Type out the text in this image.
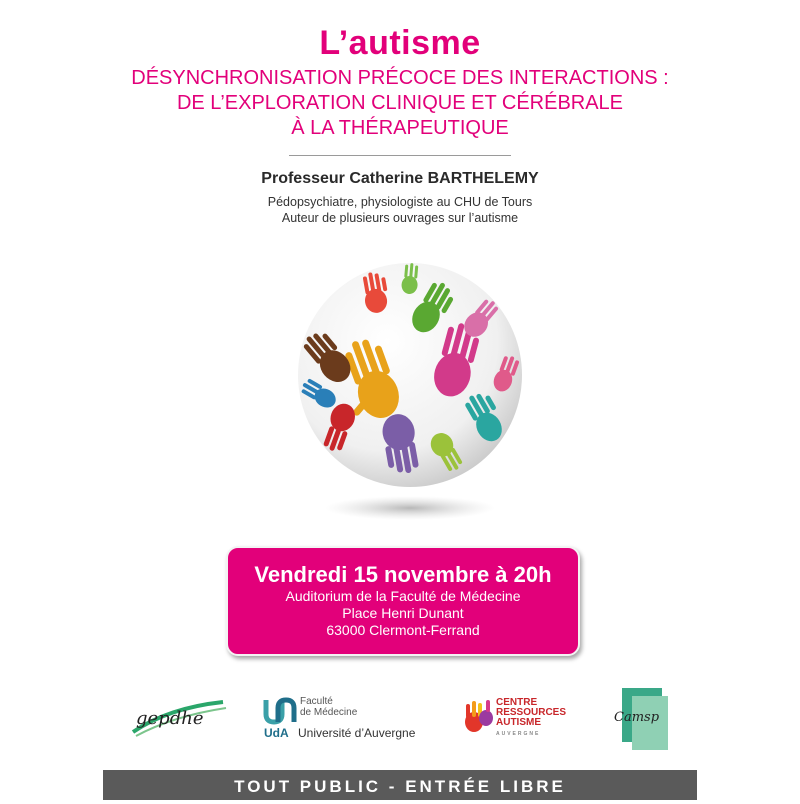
L’autisme
DÉSYNCHRONISATION PRÉCOCE DES INTERACTIONS :
DE L’EXPLORATION CLINIQUE ET CÉRÉBRALE
À LA THÉRAPEUTIQUE
Professeur Catherine BARTHELEMY
Pédopsychiatre, physiologiste au CHU de Tours
Auteur de plusieurs ouvrages sur l’autisme
Vendredi 15 novembre à 20h
Auditorium de la Faculté de Médecine
Place Henri Dunant
63000 Clermont-Ferrand
gepdhe
Faculté
de Médecine
UdA Université d’Auvergne
CENTRE
RESSOURCES
AUTISME
AUVERGNE
Camsp
TOUT PUBLIC - ENTRÉE LIBRE
